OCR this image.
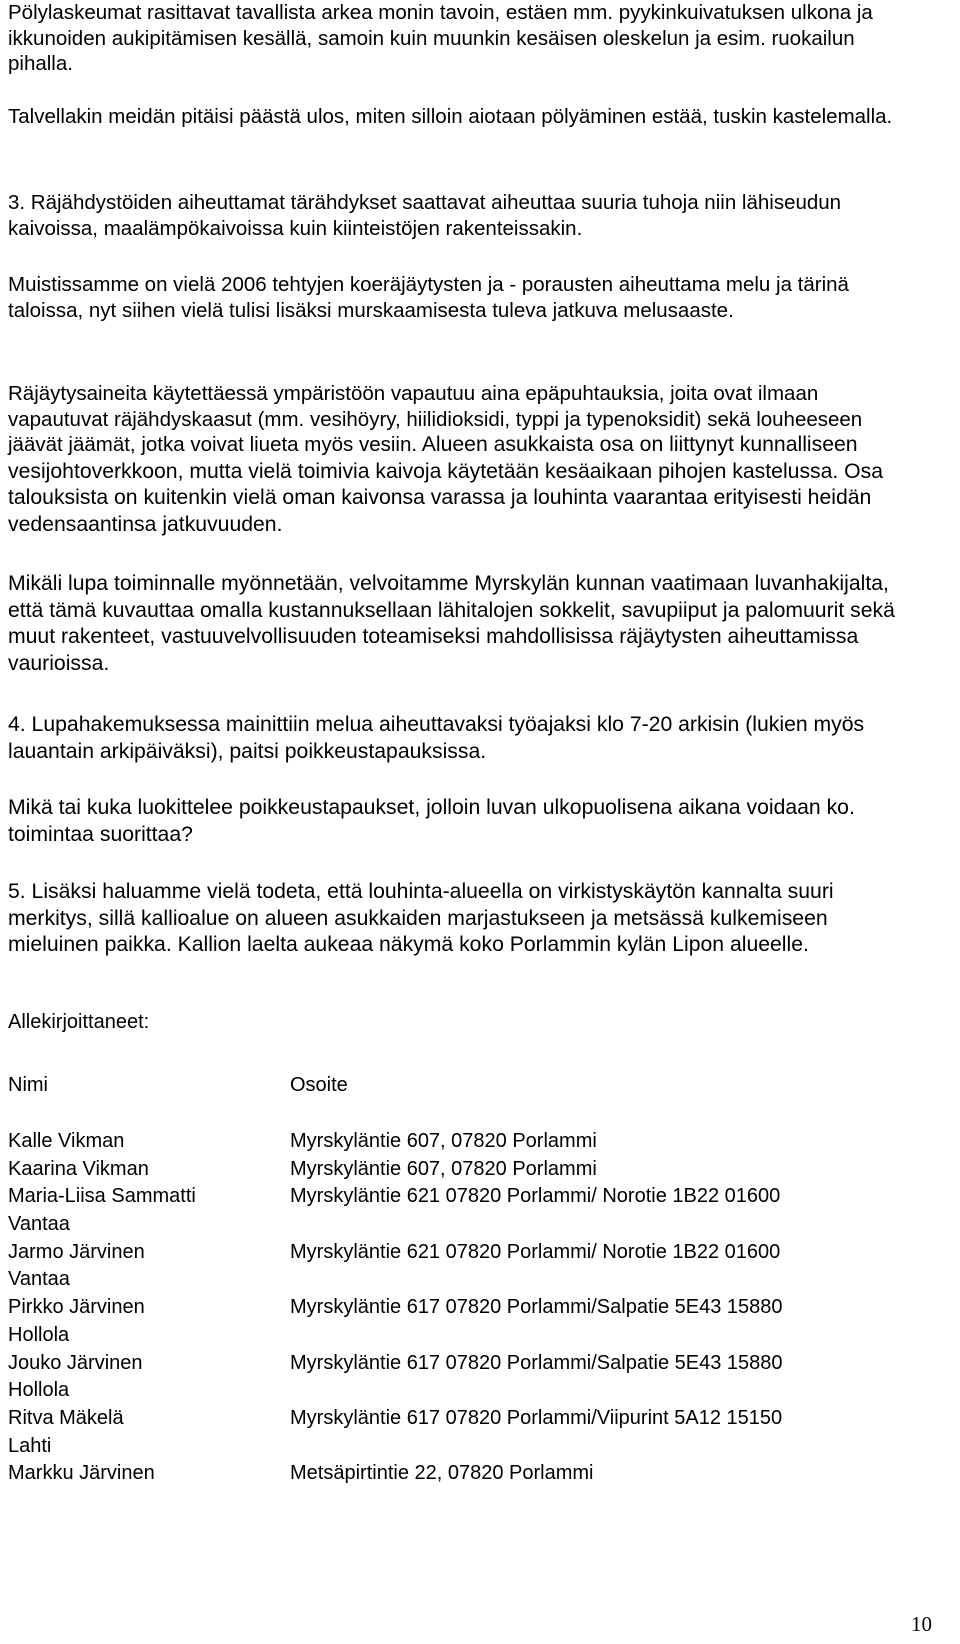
Pölylaskeumat rasittavat tavallista arkea monin tavoin, estäen mm. pyykinkuivatuksen ulkona ja ikkunoiden aukipitämisen kesällä, samoin kuin muunkin kesäisen oleskelun ja esim. ruokailun pihalla.

Talvellakin meidän pitäisi päästä ulos, miten silloin aiotaan pölyäminen estää, tuskin kastelemalla.

3. Räjähdystöiden aiheuttamat tärähdykset saattavat aiheuttaa suuria tuhoja niin lähiseudun kaivoissa, maalämpökaivoissa kuin kiinteistöjen rakenteissakin.

Muistissamme on vielä 2006 tehtyjen koeräjäytysten ja - porausten aiheuttama melu ja tärinä taloissa, nyt siihen vielä tulisi lisäksi murskaamisesta tuleva jatkuva melusaaste.

Räjäytysaineita käytettäessä ympäristöön vapautuu aina epäpuhtauksia, joita ovat ilmaan vapautuvat räjähdyskaasut (mm. vesihöyry, hiilidioksidi, typpi ja typenoksidit) sekä louheeseen jäävät jäämät, jotka voivat liueta myös vesiin. Alueen asukkaista osa on liittynyt kunnalliseen vesijohtoverkkoon, mutta vielä toimivia kaivoja käytetään kesäaikaan pihojen kastelussa. Osa talouksista on kuitenkin vielä oman kaivonsa varassa ja louhinta vaarantaa erityisesti heidän vedensaantinsa jatkuvuuden.

Mikäli lupa toiminnalle myönnetään, velvoitamme Myrskylän kunnan vaatimaan luvanhakijalta, että tämä kuvauttaa omalla kustannuksellaan lähitalojen sokkelit, savupiiput ja palomuurit sekä muut rakenteet, vastuuvelvollisuuden toteamiseksi mahdollisissa räjäytysten aiheuttamissa vaurioissa.

4. Lupahakemuksessa mainittiin melua aiheuttavaksi työajaksi klo 7-20 arkisin (lukien myös lauantain arkipäiväksi), paitsi poikkeustapauksissa.

Mikä tai kuka luokittelee poikkeustapaukset, jolloin luvan ulkopuolisena aikana voidaan ko. toimintaa suorittaa?

5. Lisäksi haluamme vielä todeta, että louhinta-alueella on virkistyskäytön kannalta suuri merkitys, sillä kallioalue on alueen asukkaiden marjastukseen ja metsässä kulkemiseen mieluinen paikka. Kallion laelta aukeaa näkymä koko Porlammin kylän Lipon alueelle.

Allekirjoittaneet:
Nimi	Osoite
Kalle Vikman	Myrskyläntie 607, 07820 Porlammi
Kaarina Vikman	Myrskyläntie 607, 07820 Porlammi
Maria-Liisa Sammatti	Myrskyläntie 621 07820 Porlammi/ Norotie 1B22 01600
Vantaa
Jarmo Järvinen	Myrskyläntie 621 07820 Porlammi/ Norotie 1B22 01600
Vantaa
Pirkko Järvinen	Myrskyläntie 617 07820 Porlammi/Salpatie 5E43 15880
Hollola
Jouko Järvinen	Myrskyläntie 617 07820 Porlammi/Salpatie 5E43 15880
Hollola
Ritva Mäkelä	Myrskyläntie 617 07820 Porlammi/Viipurint 5A12 15150
Lahti
Markku Järvinen	Metsäpirtintie 22, 07820 Porlammi
10
